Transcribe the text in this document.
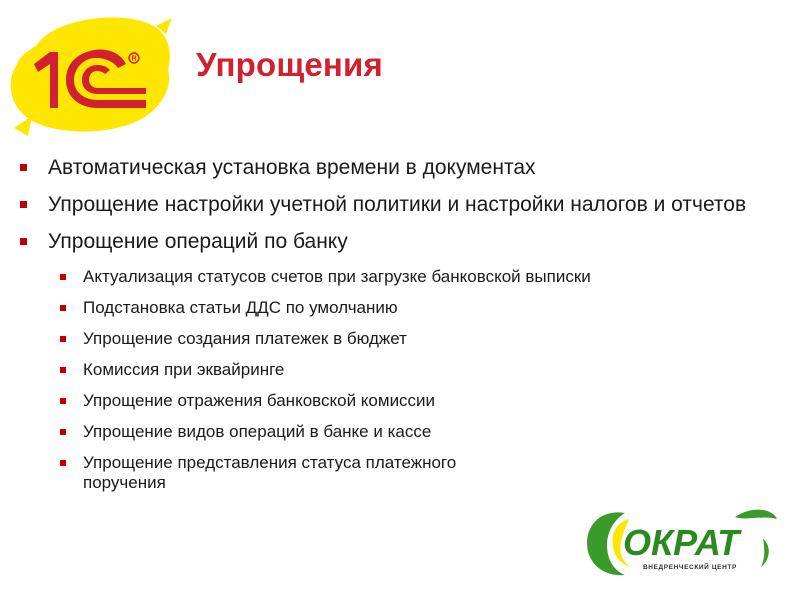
R Упрощения
Автоматическая установка времени в документах
Упрощение настройки учетной политики и настройки налогов и отчетов
Упрощение операций по банку
Актуализация статусов счетов при загрузке банковской выписки
Подстановка статьи ДДС по умолчанию
Упрощение создания платежек в бюджет
Комиссия при эквайринге
Упрощение отражения банковской комиссии
Упрощение видов операций в банке и кассе
Упрощение представления статуса платежного поручения
ОКРАТ
ВНЕДРЕНЧЕСКИЙ ЦЕНТР
